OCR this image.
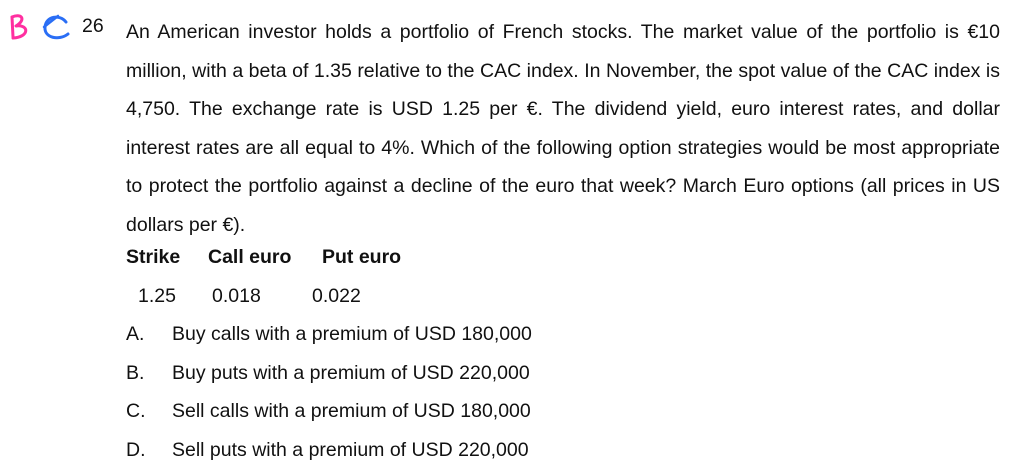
26 An American investor holds a portfolio of French stocks. The market value of the portfolio is €10 million, with a beta of 1.35 relative to the CAC index. In November, the spot value of the CAC index is 4,750. The exchange rate is USD 1.25 per €. The dividend yield, euro interest rates, and dollar interest rates are all equal to 4%. Which of the following option strategies would be most appropriate to protect the portfolio against a decline of the euro that week? March Euro options (all prices in US dollars per €).

Strike Call euro Put euro
1.25 0.018	0.022
A. Buy calls with a premium of USD 180,000
B. Buy puts with a premium of USD 220,000
C. Sell calls with a premium of USD 180,000
D. Sell puts with a premium of USD 220,000
